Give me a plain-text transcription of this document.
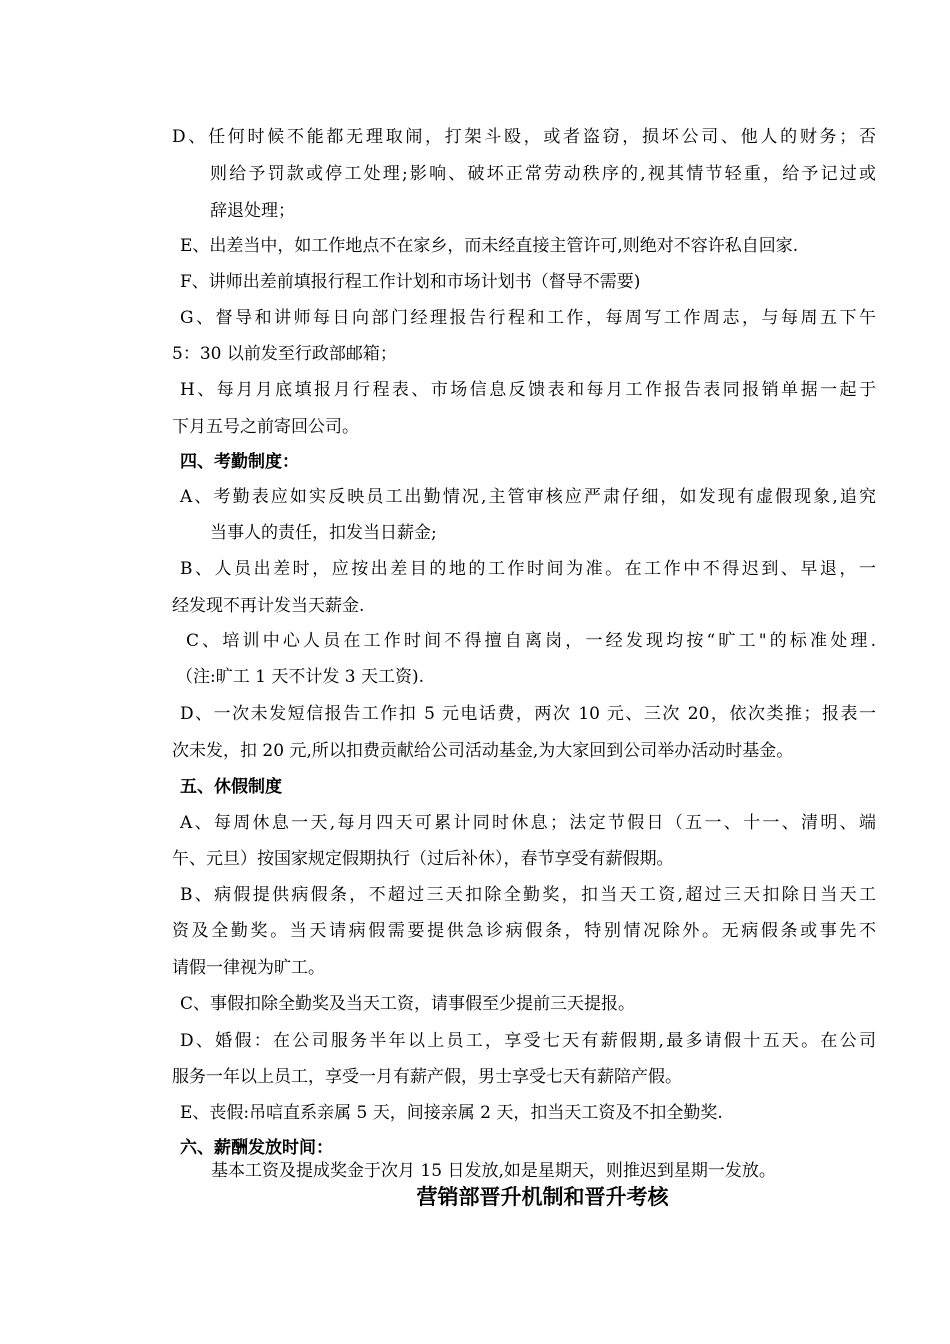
D、任何时候不能都无理取闹，打架斗殴，或者盗窃，损坏公司、他人的财务；否
则给予罚款或停工处理;影响、破坏正常劳动秩序的,视其情节轻重，给予记过或
辞退处理；
E、出差当中，如工作地点不在家乡，而未经直接主管许可,则绝对不容许私自回家.
F、讲师出差前填报行程工作计划和市场计划书（督导不需要)
G、督导和讲师每日向部门经理报告行程和工作，每周写工作周志，与每周五下午
5：30 以前发至行政部邮箱；
H、每月月底填报月行程表、市场信息反馈表和每月工作报告表同报销单据一起于
下月五号之前寄回公司。
四、考勤制度：
A、考勤表应如实反映员工出勤情况,主管审核应严肃仔细，如发现有虚假现象,追究
当事人的责任，扣发当日薪金;
B、人员出差时，应按出差目的地的工作时间为准。在工作中不得迟到、早退，一
经发现不再计发当天薪金.
C、培训中心人员在工作时间不得擅自离岗，一经发现均按“旷工"的标准处理.
（注:旷工 1 天不计发 3 天工资).
D、一次未发短信报告工作扣 5 元电话费，两次 10 元、三次 20，依次类推；报表一
次未发，扣 20 元,所以扣费贡献给公司活动基金,为大家回到公司举办活动时基金。
五、休假制度
A、每周休息一天,每月四天可累计同时休息；法定节假日（五一、十一、清明、端
午、元旦）按国家规定假期执行（过后补休），春节享受有薪假期。
B、病假提供病假条，不超过三天扣除全勤奖，扣当天工资,超过三天扣除日当天工
资及全勤奖。当天请病假需要提供急诊病假条，特别情况除外。无病假条或事先不
请假一律视为旷工。
C、事假扣除全勤奖及当天工资，请事假至少提前三天提报。
D、婚假：在公司服务半年以上员工，享受七天有薪假期,最多请假十五天。在公司
服务一年以上员工，享受一月有薪产假，男士享受七天有薪陪产假。
E、丧假:吊唁直系亲属 5 天，间接亲属 2 天，扣当天工资及不扣全勤奖.
六、薪酬发放时间：
基本工资及提成奖金于次月 15 日发放,如是星期天，则推迟到星期一发放。
营销部晋升机制和晋升考核
